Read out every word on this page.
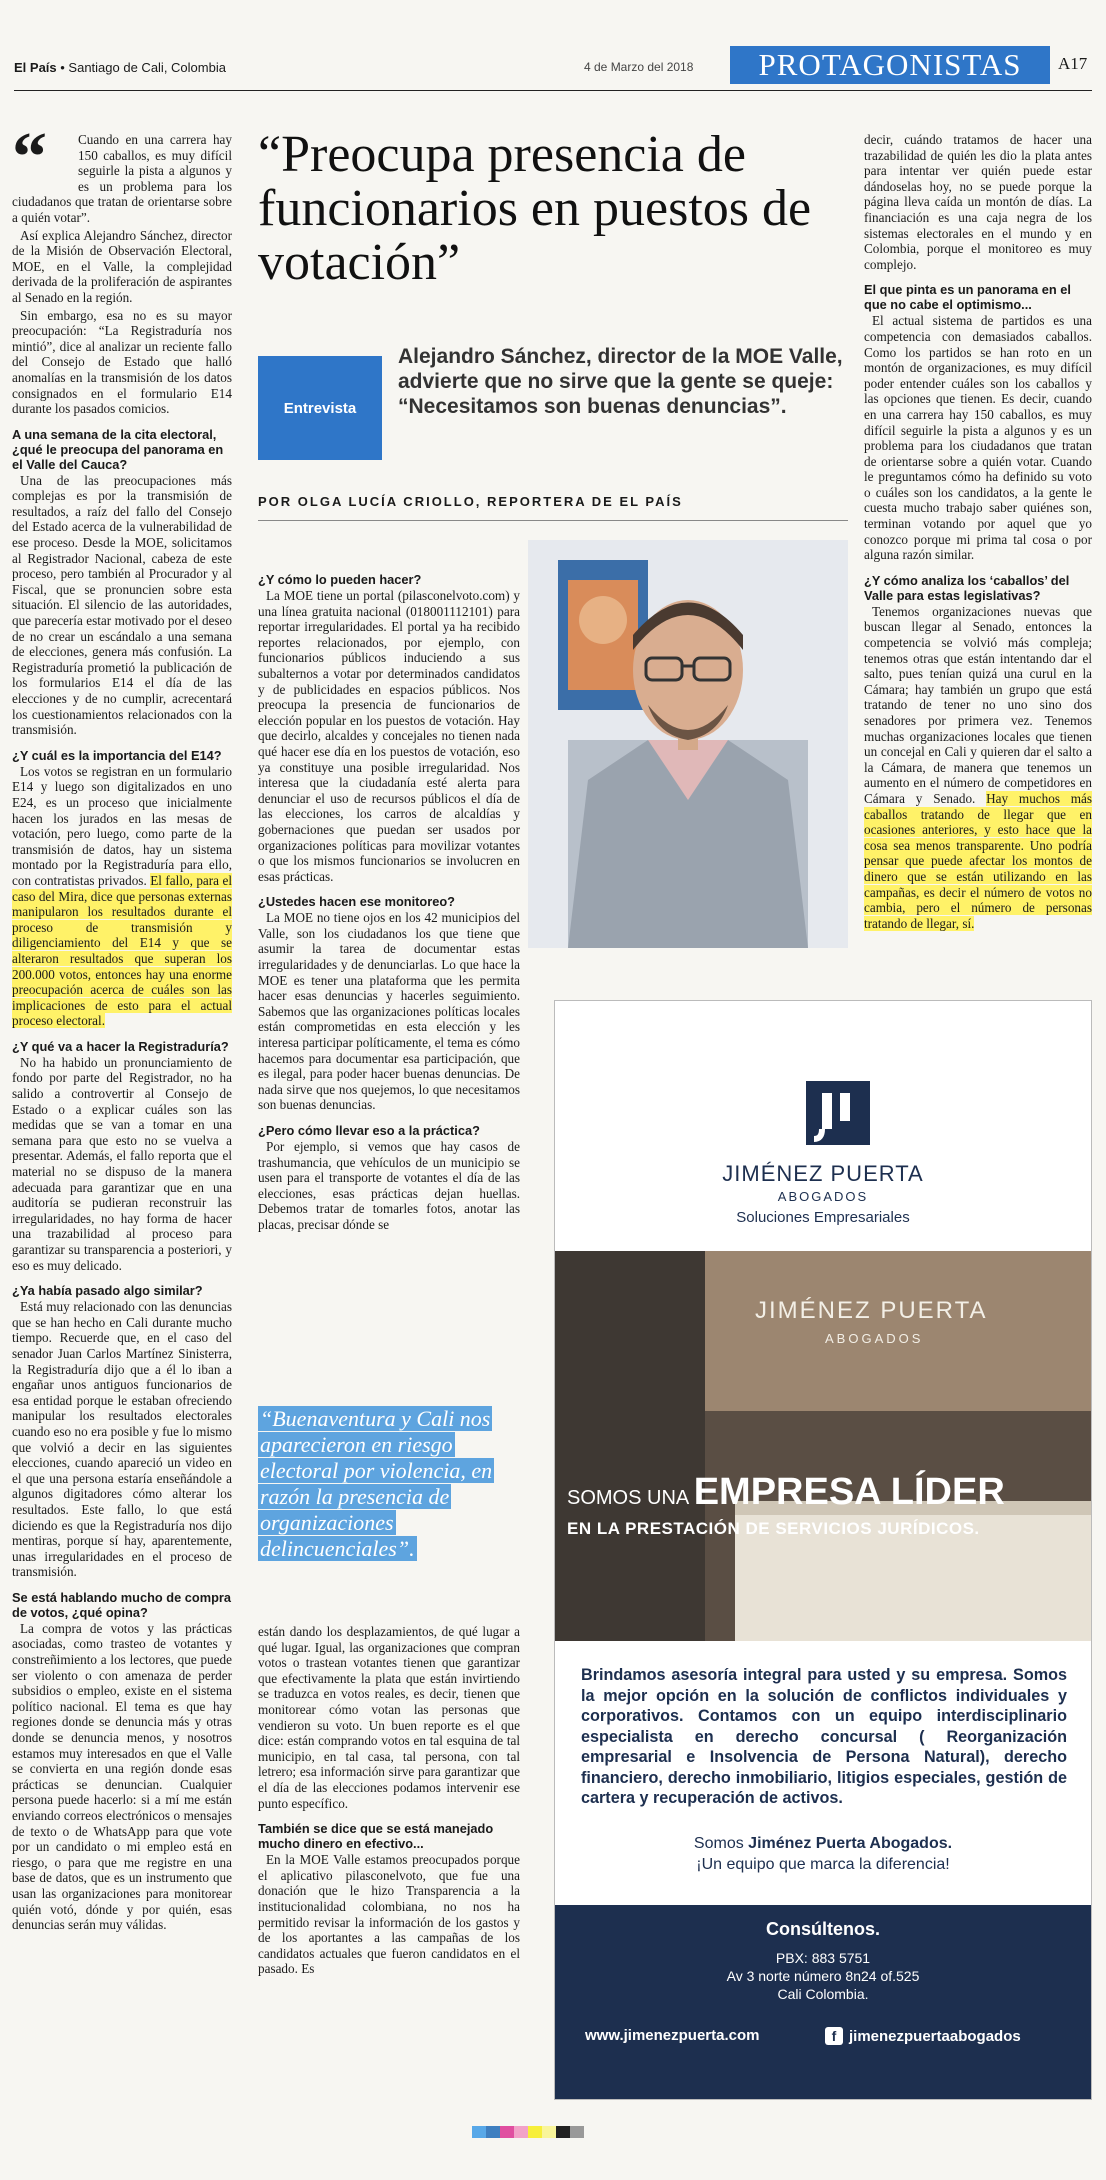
El País • Santiago de Cali, Colombia	4 de Marzo del 2018	PROTAGONISTAS	A17

“	Cuando en una carrera hay 150 caballos, es muy difícil seguirle la pista a algunos y es un problema para los ciudadanos que tratan de orientarse sobre a quién votar”.

Así explica Alejandro Sánchez, director de la Misión de Observación Electoral, MOE, en el Valle, la complejidad derivada de la proliferación de aspirantes al Senado en la región.

Sin embargo, esa no es su mayor preocupación: “La Registraduría nos mintió”, dice al analizar un reciente fallo del Consejo de Estado que halló anomalías en la transmisión de los datos consignados en el formulario E14 durante los pasados comicios.

A una semana de la cita electoral, ¿qué le preocupa del panorama en el Valle del Cauca?

Una de las preocupaciones más complejas es por la transmisión de resultados, a raíz del fallo del Consejo del Estado acerca de la vulnerabilidad de ese proceso. Desde la MOE, solicitamos al Registrador Nacional, cabeza de este proceso, pero también al Procurador y al Fiscal, que se pronuncien sobre esta situación. El silencio de las autoridades, que parecería estar motivado por el deseo de no crear un escándalo a una semana de elecciones, genera más confusión. La Registraduría prometió la publicación de los formularios E14 el día de las elecciones y de no cumplir, acrecentará los cuestionamientos relacionados con la transmisión.

¿Y cuál es la importancia del E14?

Los votos se registran en un formulario E14 y luego son digitalizados en uno E24, es un proceso que inicialmente hacen los jurados en las mesas de votación, pero luego, como parte de la transmisión de datos, hay un sistema montado por la Registraduría para ello, con contratistas privados. El fallo, para el caso del Mira, dice que personas externas manipularon los resultados durante el proceso de transmisión y diligenciamiento del E14 y que se alteraron resultados que superan los 200.000 votos, entonces hay una enorme preocupación acerca de cuáles son las implicaciones de esto para el actual proceso electoral.

¿Y qué va a hacer la Registraduría?

No ha habido un pronunciamiento de fondo por parte del Registrador, no ha salido a controvertir al Consejo de Estado o a explicar cuáles son las medidas que se van a tomar en una semana para que esto no se vuelva a presentar. Además, el fallo reporta que el material no se dispuso de la manera adecuada para garantizar que en una auditoría se pudieran reconstruir las irregularidades, no hay forma de hacer una trazabilidad al proceso para garantizar su transparencia a posteriori, y eso es muy delicado.

¿Ya había pasado algo similar?

Está muy relacionado con las denuncias que se han hecho en Cali durante mucho tiempo. Recuerde que, en el caso del senador Juan Carlos Martínez Sinisterra, la Registraduría dijo que a él lo iban a engañar unos antiguos funcionarios de esa entidad porque le estaban ofreciendo manipular los resultados electorales cuando eso no era posible y fue lo mismo que volvió a decir en las siguientes elecciones, cuando apareció un video en el que una persona estaría enseñándole a algunos digitadores cómo alterar los resultados. Este fallo, lo que está diciendo es que la Registraduría nos dijo mentiras, porque sí hay, aparentemente, unas irregularidades en el proceso de transmisión.

Se está hablando mucho de compra de votos, ¿qué opina?

La compra de votos y las prácticas asociadas, como trasteo de votantes y constreñimiento a los lectores, que puede ser violento o con amenaza de perder subsidios o empleo, existe en el sistema político nacional. El tema es que hay regiones donde se denuncia más y otras donde se denuncia menos, y nosotros estamos muy interesados en que el Valle se convierta en una región donde esas prácticas se denuncian. Cualquier persona puede hacerlo: si a mí me están enviando correos electrónicos o mensajes de texto o de WhatsApp para que vote por un candidato o mi empleo está en riesgo, o para que me registre en una base de datos, que es un instrumento que usan las organizaciones para monitorear quién votó, dónde y por quién, esas denuncias serán muy válidas.

“Preocupa presencia de funcionarios en puestos de votación”
Entrevista
Alejandro Sánchez, director de la MOE Valle, advierte que no sirve que la gente se queje: “Necesitamos son buenas denuncias”.
POR OLGA LUCÍA CRIOLLO, REPORTERA DE EL PAÍS
¿Y cómo lo pueden hacer?

La MOE tiene un portal (pilasconelvoto.com) y una línea gratuita nacional (018001112101) para reportar irregularidades. El portal ya ha recibido reportes relacionados, por ejemplo, con funcionarios públicos induciendo a sus subalternos a votar por determinados candidatos y de publicidades en espacios públicos. Nos preocupa la presencia de funcionarios de elección popular en los puestos de votación. Hay que decirlo, alcaldes y concejales no tienen nada qué hacer ese día en los puestos de votación, eso ya constituye una posible irregularidad. Nos interesa que la ciudadanía esté alerta para denunciar el uso de recursos públicos el día de las elecciones, los carros de alcaldías y gobernaciones que puedan ser usados por organizaciones políticas para movilizar votantes o que los mismos funcionarios se involucren en esas prácticas.

¿Ustedes hacen ese monitoreo?

La MOE no tiene ojos en los 42 municipios del Valle, son los ciudadanos los que tiene que asumir la tarea de documentar estas irregularidades y de denunciarlas. Lo que hace la MOE es tener una plataforma que les permita hacer esas denuncias y hacerles seguimiento. Sabemos que las organizaciones políticas locales están comprometidas en esta elección y les interesa participar políticamente, el tema es cómo hacemos para documentar esa participación, que es ilegal, para poder hacer buenas denuncias. De nada sirve que nos quejemos, lo que necesitamos son buenas denuncias.

¿Pero cómo llevar eso a la práctica?

Por ejemplo, si vemos que hay casos de trashumancia, que vehículos de un municipio se usen para el transporte de votantes el día de las elecciones, esas prácticas dejan huellas. Debemos tratar de tomarles fotos, anotar las placas, precisar dónde se

“Buenaventura y Cali nos aparecieron en riesgo electoral por violencia, en razón la presencia de organizaciones delincuenciales”.

están dando los desplazamientos, de qué lugar a qué lugar. Igual, las organizaciones que compran votos o trastean votantes tienen que garantizar que efectivamente la plata que están invirtiendo se traduzca en votos reales, es decir, tienen que monitorear cómo votan las personas que vendieron su voto. Un buen reporte es el que dice: están comprando votos en tal esquina de tal municipio, en tal casa, tal persona, con tal letrero; esa información sirve para garantizar que el día de las elecciones podamos intervenir ese punto específico.

También se dice que se está manejado mucho dinero en efectivo...

En la MOE Valle estamos preocupados porque el aplicativo pilasconelvoto, que fue una donación que le hizo Transparencia a la institucionalidad colombiana, no nos ha permitido revisar la información de los gastos y de los aportantes a las campañas de los candidatos actuales que fueron candidatos en el pasado. Es

decir, cuándo tratamos de hacer una trazabilidad de quién les dio la plata antes para intentar ver quién puede estar dándoselas hoy, no se puede porque la página lleva caída un montón de días. La financiación es una caja negra de los sistemas electorales en el mundo y en Colombia, porque el monitoreo es muy complejo.

El que pinta es un panorama en el que no cabe el optimismo...

El actual sistema de partidos es una competencia con demasiados caballos. Como los partidos se han roto en un montón de organizaciones, es muy difícil poder entender cuáles son los caballos y las opciones que tienen. Es decir, cuando en una carrera hay 150 caballos, es muy difícil seguirle la pista a algunos y es un problema para los ciudadanos que tratan de orientarse sobre a quién votar. Cuando le preguntamos cómo ha definido su voto o cuáles son los candidatos, a la gente le cuesta mucho trabajo saber quiénes son, terminan votando por aquel que yo conozco porque mi prima tal cosa o por alguna razón similar.

¿Y cómo analiza los ‘caballos’ del Valle para estas legislativas?

Tenemos organizaciones nuevas que buscan llegar al Senado, entonces la competencia se volvió más compleja; tenemos otras que están intentando dar el salto, pues tenían quizá una curul en la Cámara; hay también un grupo que está tratando de tener no uno sino dos senadores por primera vez. Tenemos muchas organizaciones locales que tienen un concejal en Cali y quieren dar el salto a la Cámara, de manera que tenemos un aumento en el número de competidores en Cámara y Senado. Hay muchos más caballos tratando de llegar que en ocasiones anteriores, y esto hace que la cosa sea menos transparente. Uno podría pensar que puede afectar los montos de dinero que se están utilizando en las campañas, es decir el número de votos no cambia, pero el número de personas tratando de llegar, sí.

JIMÉNEZ PUERTA
ABOGADOS
Soluciones Empresariales
JIMÉNEZ PUERTA
ABOGADOS
SOMOS UNA EMPRESA LÍDER
EN LA PRESTACIÓN DE SERVICIOS JURÍDICOS.
Brindamos asesoría integral para usted y su empresa. Somos la mejor opción en la solución de conflictos individuales y corporativos. Contamos con un equipo interdisciplinario especialista en derecho concursal ( Reorganización empresarial e Insolvencia de Persona Natural), derecho financiero, derecho inmobiliario, litigios especiales, gestión de cartera y recuperación de activos.
Somos Jiménez Puerta Abogados.
¡Un equipo que marca la diferencia!
Consúltenos.
PBX: 883 5751
Av 3 norte número 8n24 of.525
Cali Colombia.
www.jimenezpuerta.com	f jimenezpuertaabogados
